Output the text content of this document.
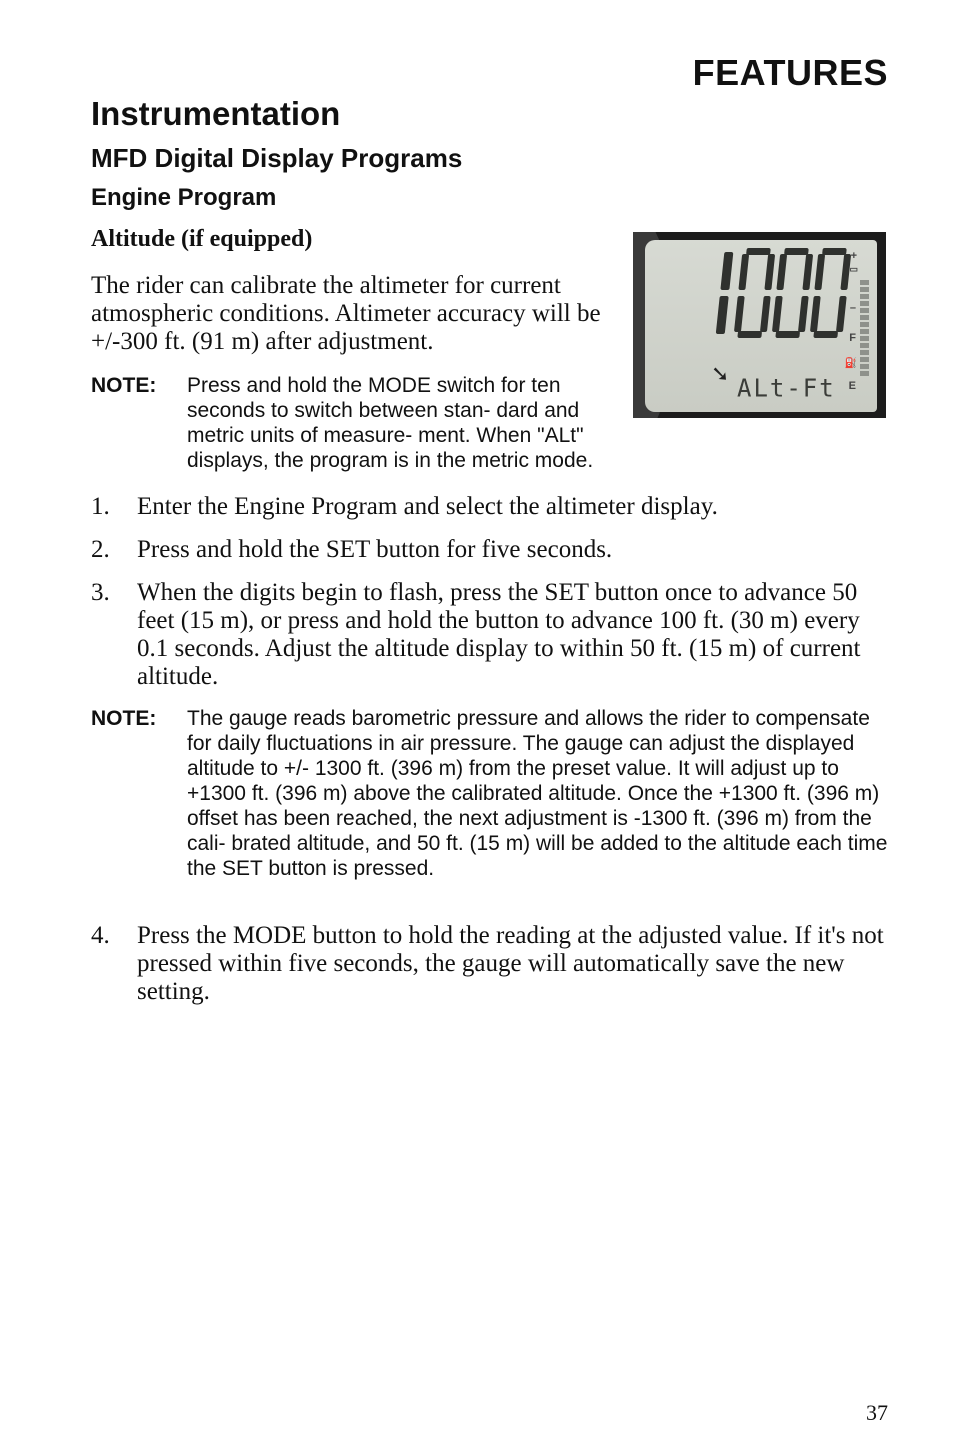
FEATURES
Instrumentation
MFD Digital Display Programs
Engine Program
Altitude (if equipped)
The rider can calibrate the altimeter for current atmospheric conditions. Altimeter accuracy will be +/-300 ft. (91 m) after adjustment.
+
▭
–
F
⛽
E
➘ ALt-Ft
NOTE:	Press and hold the MODE switch for ten seconds to switch between stan- dard and metric units of measure- ment. When "ALt" displays, the program is in the metric mode.
1.	Enter the Engine Program and select the altimeter display.
2.	Press and hold the SET button for five seconds.
3.	When the digits begin to flash, press the SET button once to advance 50 feet (15 m), or press and hold the button to advance 100 ft. (30 m) every 0.1 seconds. Adjust the altitude display to within 50 ft. (15 m) of current altitude.
NOTE:	The gauge reads barometric pressure and allows the rider to compensate for daily fluctuations in air pressure. The gauge can adjust the displayed altitude to +/- 1300 ft. (396 m) from the preset value. It will adjust up to +1300 ft. (396 m) above the calibrated altitude. Once the +1300 ft. (396 m) offset has been reached, the next adjustment is -1300 ft. (396 m) from the cali- brated altitude, and 50 ft. (15 m) will be added to the altitude each time the SET button is pressed.
4.	Press the MODE button to hold the reading at the adjusted value. If it's not pressed within five seconds, the gauge will automatically save the new setting.
37
